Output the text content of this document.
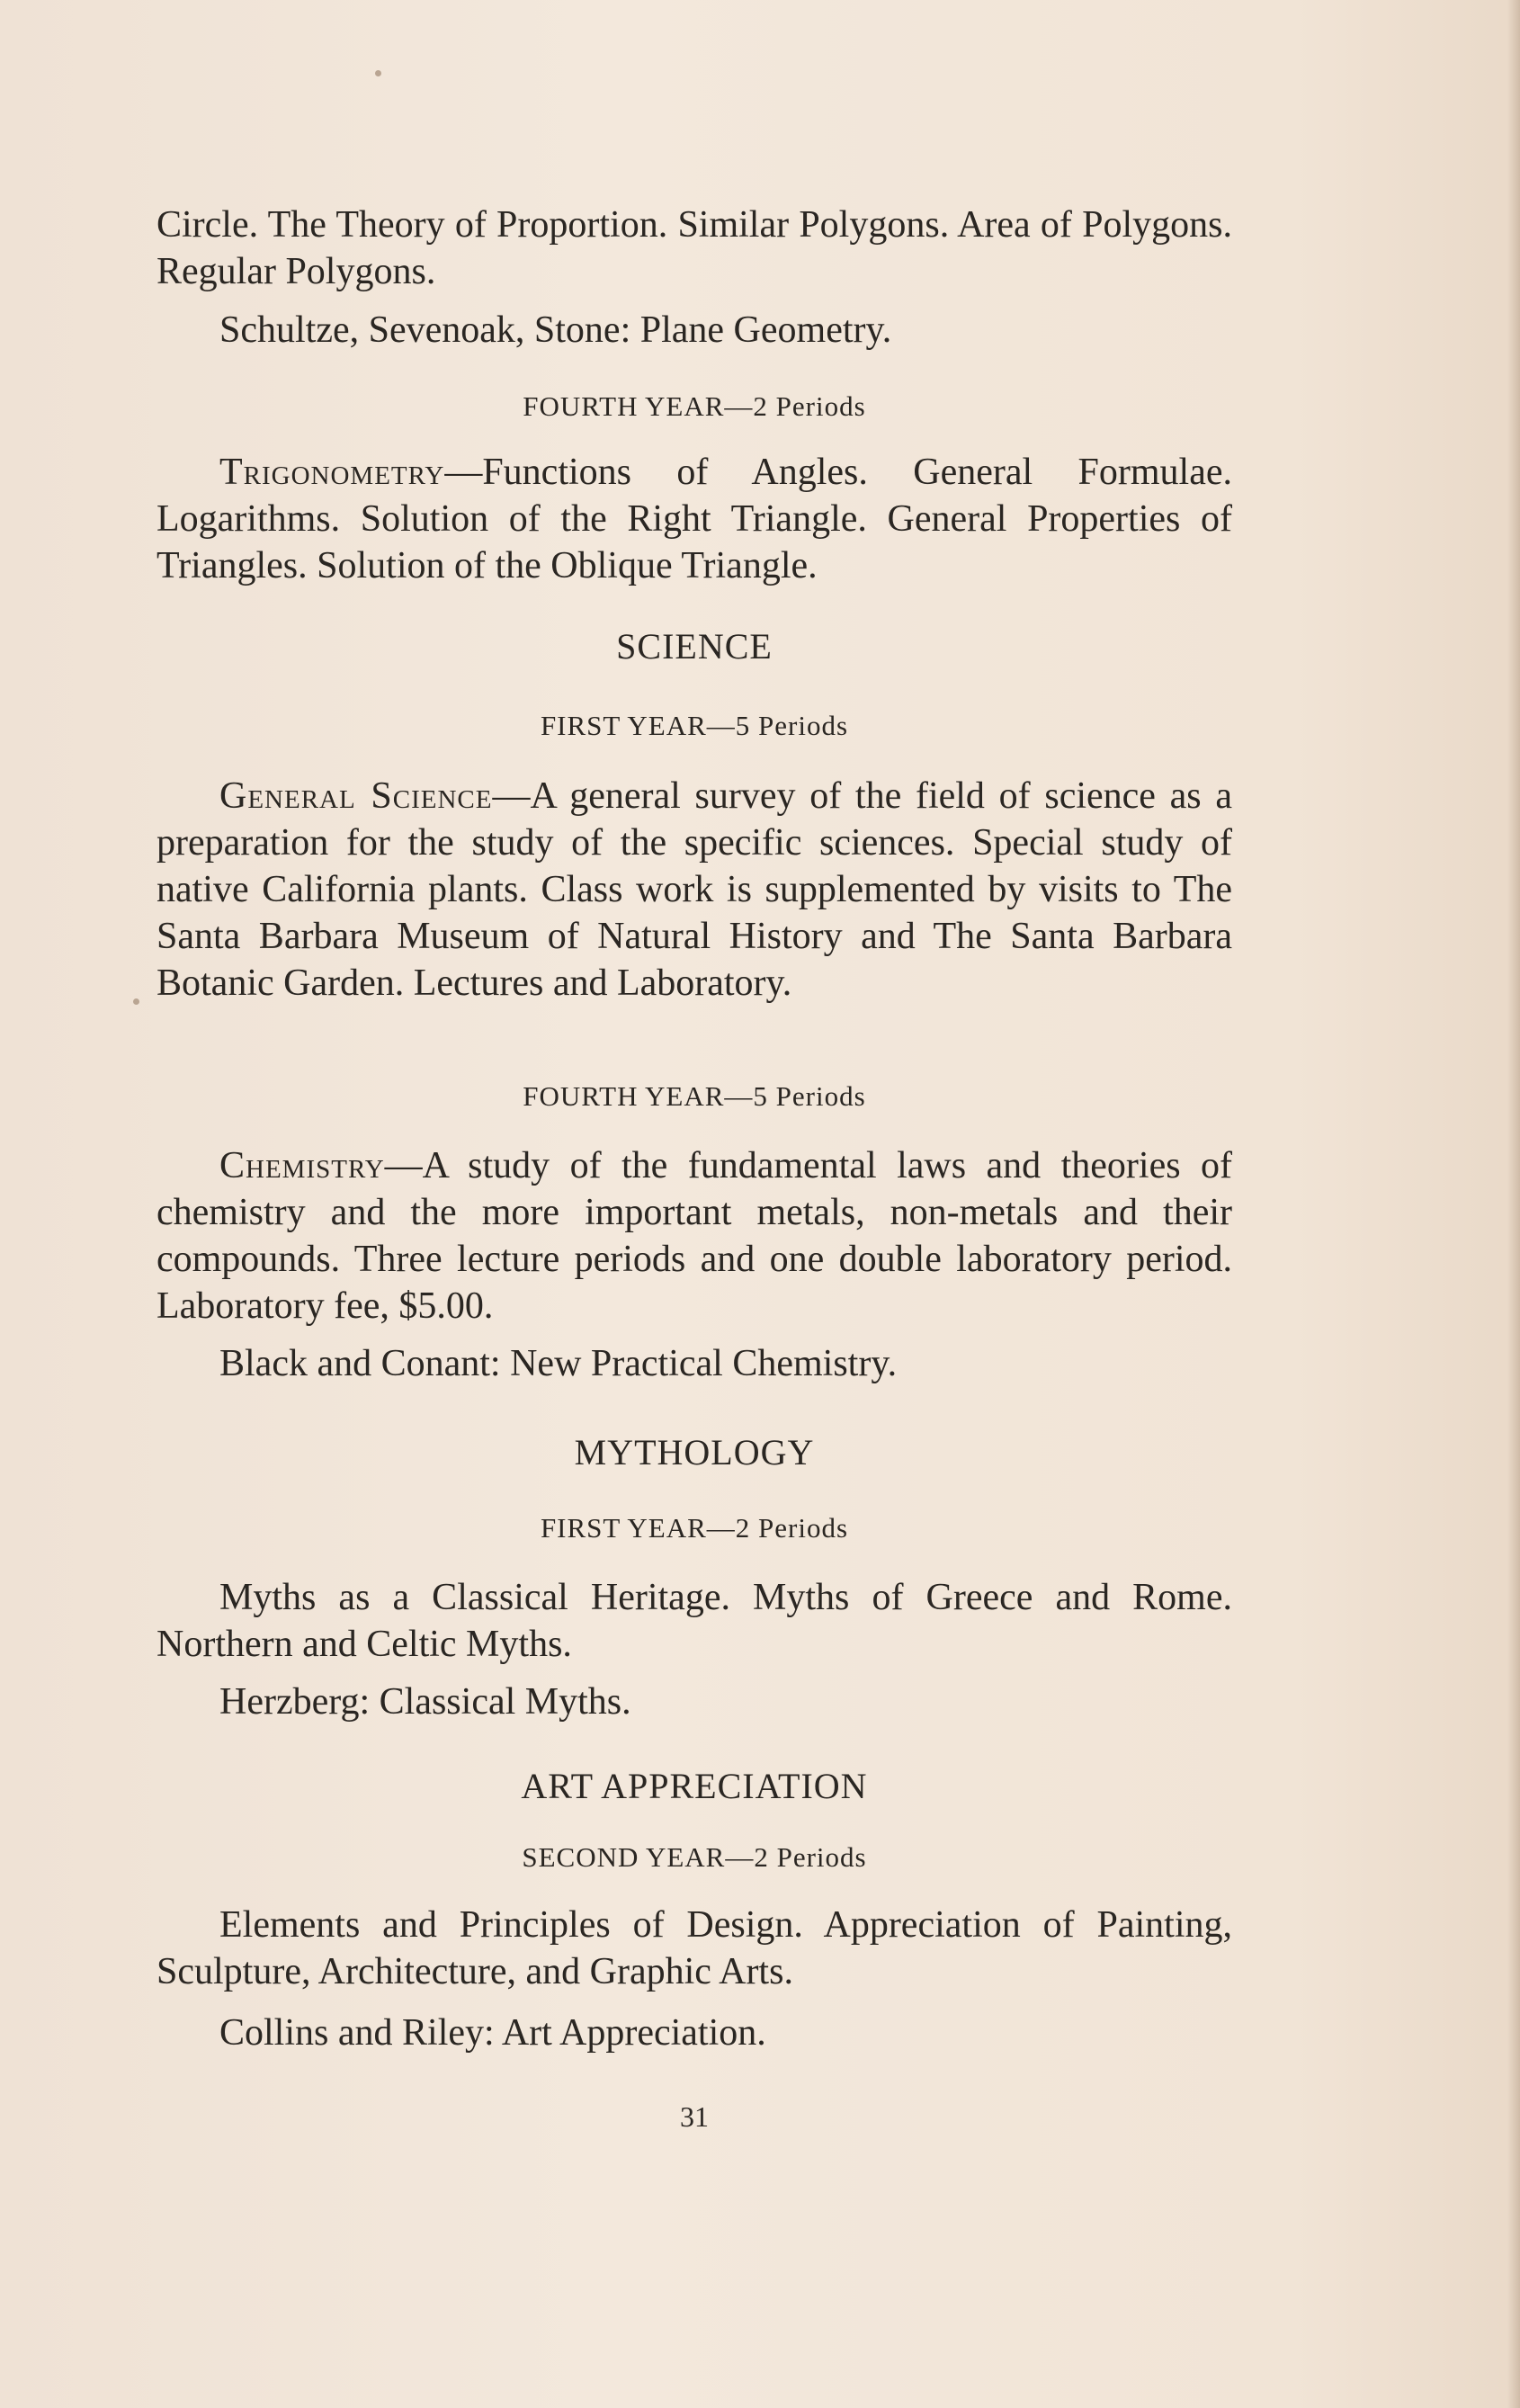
Circle. The Theory of Proportion. Similar Polygons. Area of Polygons. Regular Polygons.

Schultze, Sevenoak, Stone: Plane Geometry.

FOURTH YEAR—2 Periods

Trigonometry—Functions of Angles. General Formulae. Logarithms. Solution of the Right Triangle. General Properties of Triangles. Solution of the Oblique Triangle.

SCIENCE
FIRST YEAR—5 Periods

General Science—A general survey of the field of science as a preparation for the study of the specific sciences. Special study of native California plants. Class work is supplemented by visits to The Santa Barbara Museum of Natural History and The Santa Barbara Botanic Garden. Lectures and Laboratory.

FOURTH YEAR—5 Periods

Chemistry—A study of the fundamental laws and theories of chemistry and the more important metals, non-metals and their compounds. Three lecture periods and one double laboratory period. Laboratory fee, $5.00.

Black and Conant: New Practical Chemistry.

MYTHOLOGY
FIRST YEAR—2 Periods

Myths as a Classical Heritage. Myths of Greece and Rome. Northern and Celtic Myths.

Herzberg: Classical Myths.

ART APPRECIATION
SECOND YEAR—2 Periods

Elements and Principles of Design. Appreciation of Painting, Sculpture, Architecture, and Graphic Arts.

Collins and Riley: Art Appreciation.

31
